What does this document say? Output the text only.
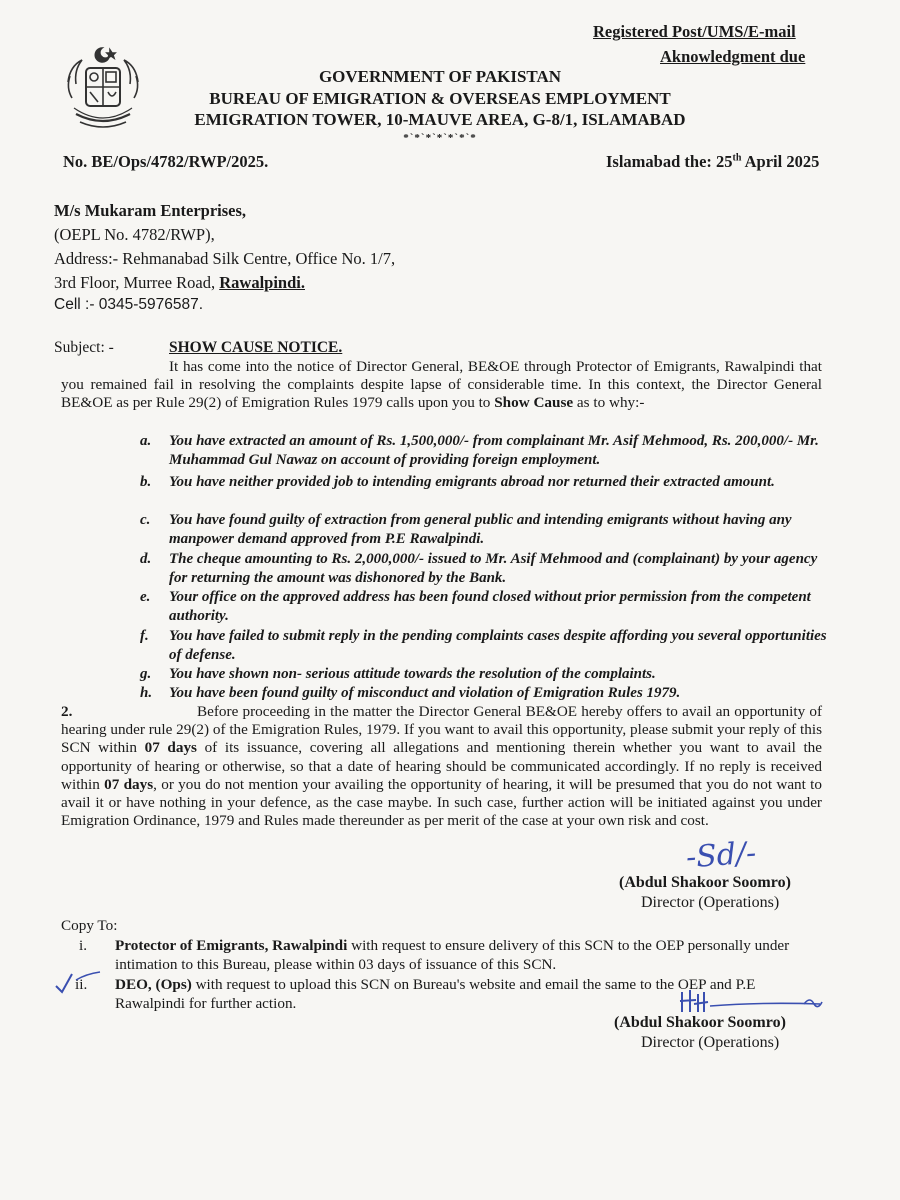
Registered Post/UMS/E-mail
Aknowledgment due
GOVERNMENT OF PAKISTAN
BUREAU OF EMIGRATION & OVERSEAS EMPLOYMENT
EMIGRATION TOWER, 10-MAUVE AREA, G-8/1, ISLAMABAD
*`*`*`*`*`*`*
No. BE/Ops/4782/RWP/2025.	Islamabad the: 25th April 2025
M/s Mukaram Enterprises,
(OEPL No. 4782/RWP),
Address:- Rehmanabad Silk Centre, Office No. 1/7,
3rd Floor, Murree Road, Rawalpindi.
Cell :- 0345-5976587.
Subject: -	SHOW CAUSE NOTICE.
It has come into the notice of Director General, BE&OE through Protector of Emigrants, Rawalpindi that you remained fail in resolving the complaints despite lapse of considerable time. In this context, the Director General BE&OE as per Rule 29(2) of Emigration Rules 1979 calls upon you to Show Cause as to why:-
a.	You have extracted an amount of Rs. 1,500,000/- from complainant Mr. Asif Mehmood, Rs. 200,000/- Mr. Muhammad Gul Nawaz on account of providing foreign employment.
b.	You have neither provided job to intending emigrants abroad nor returned their extracted amount.
c.	You have found guilty of extraction from general public and intending emigrants without having any manpower demand approved from P.E Rawalpindi.
d.	The cheque amounting to Rs. 2,000,000/- issued to Mr. Asif Mehmood and (complainant) by your agency for returning the amount was dishonored by the Bank.
e.	Your office on the approved address has been found closed without prior permission from the competent authority.
f.	You have failed to submit reply in the pending complaints cases despite affording you several opportunities of defense.
g.	You have shown non- serious attitude towards the resolution of the complaints.
h.	You have been found guilty of misconduct and violation of Emigration Rules 1979.
2.	Before proceeding in the matter the Director General BE&OE hereby offers to avail an opportunity of hearing under rule 29(2) of the Emigration Rules, 1979. If you want to avail this opportunity, please submit your reply of this SCN within 07 days of its issuance, covering all allegations and mentioning therein whether you want to avail the opportunity of hearing or otherwise, so that a date of hearing should be communicated accordingly. If no reply is received within 07 days, or you do not mention your availing the opportunity of hearing, it will be presumed that you do not want to avail it or have nothing in your defence, as the case maybe. In such case, further action will be initiated against you under Emigration Ordinance, 1979 and Rules made thereunder as per merit of the case at your own risk and cost.
-Sd/-
(Abdul Shakoor Soomro)
Director (Operations)
Copy To:
i. Protector of Emigrants, Rawalpindi with request to ensure delivery of this SCN to the OEP personally under intimation to this Bureau, please within 03 days of issuance of this SCN.
ii. DEO, (Ops) with request to upload this SCN on Bureau's website and email the same to the OEP and P.E Rawalpindi for further action.
(Abdul Shakoor Soomro)
Director (Operations)
